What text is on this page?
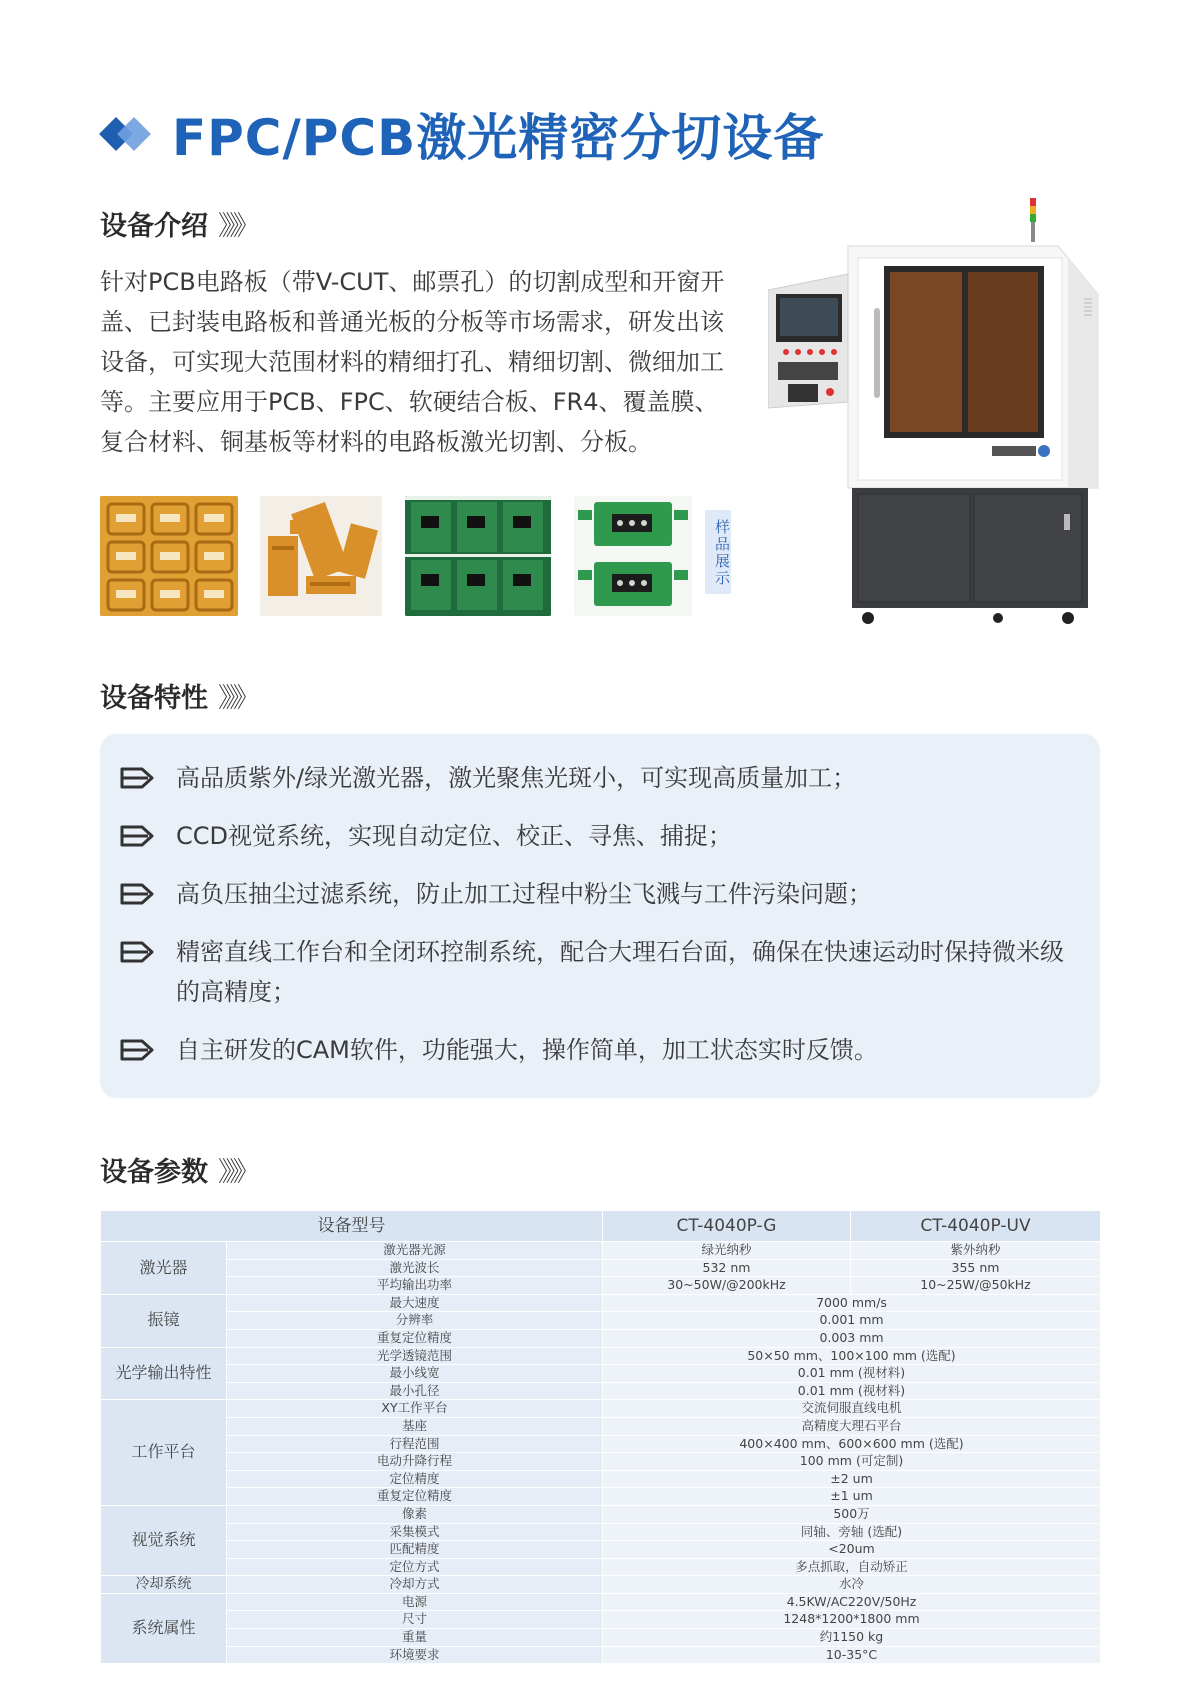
FPC/PCB激光精密分切设备
设备介绍 》》》
针对PCB电路板（带V-CUT、邮票孔）的切割成型和开窗开盖、已封装电路板和普通光板的分板等市场需求，研发出该设备，可实现大范围材料的精细打孔、精细切割、微细加工等。主要应用于PCB、FPC、软硬结合板、FR4、覆盖膜、复合材料、铜基板等材料的电路板激光切割、分板。
样品展示
设备特性 》》》
高品质紫外/绿光激光器，激光聚焦光斑小，可实现高质量加工；
CCD视觉系统，实现自动定位、校正、寻焦、捕捉；
高负压抽尘过滤系统，防止加工过程中粉尘飞溅与工件污染问题；
精密直线工作台和全闭环控制系统，配合大理石台面，确保在快速运动时保持微米级的高精度；
自主研发的CAM软件，功能强大，操作简单，加工状态实时反馈。
设备参数 》》》
设备型号		CT-4040P-G	CT-4040P-UV
激光器	激光器光源	绿光纳秒	紫外纳秒
	激光波长	532 nm	355 nm
	平均输出功率	30~50W/@200kHz	10~25W/@50kHz
振镜	最大速度	7000 mm/s	
	分辨率	0.001 mm	
	重复定位精度	0.003 mm	
光学输出特性	光学透镜范围	50×50 mm、100×100 mm (选配)	
	最小线宽	0.01 mm (视材料)	
	最小孔径	0.01 mm (视材料)	
工作平台	XY工作平台	交流伺服直线电机	
	基座	高精度大理石平台	
	行程范围	400×400 mm、600×600 mm (选配)	
	电动升降行程	100 mm (可定制)	
	定位精度	±2 um	
	重复定位精度	±1 um	
视觉系统	像素	500万	
	采集模式	同轴、旁轴 (选配)	
	匹配精度	<20um	
	定位方式	多点抓取，自动矫正	
冷却系统	冷却方式	水冷	
系统属性	电源	4.5KW/AC220V/50Hz	
	尺寸	1248*1200*1800 mm	
	重量	约1150 kg	
	环境要求	10-35°C	
